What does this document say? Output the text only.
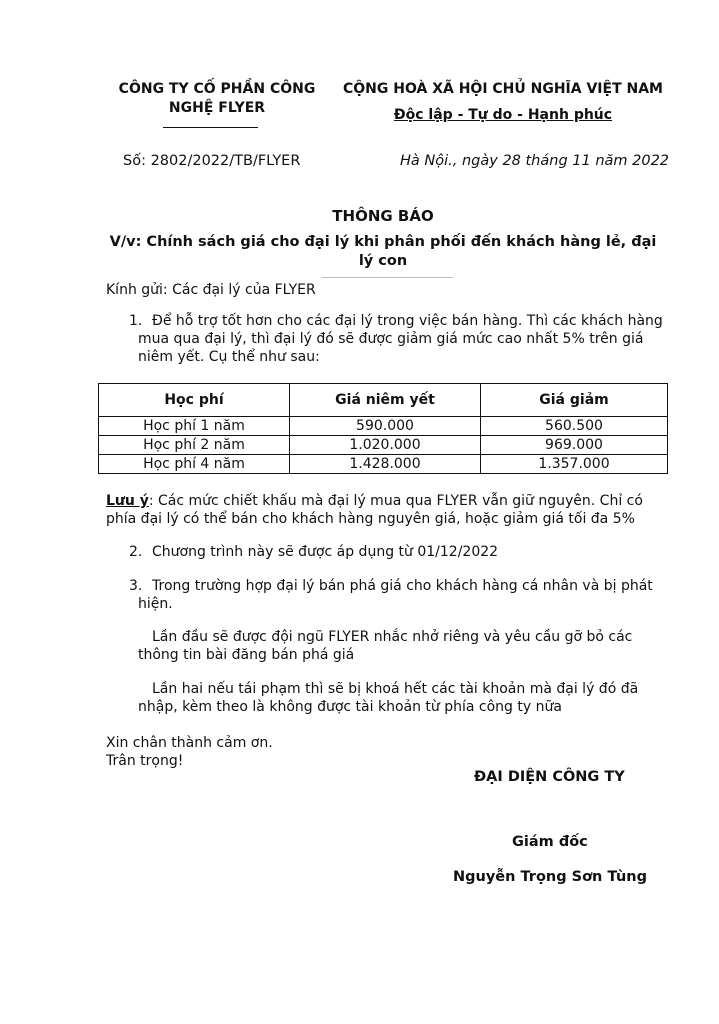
CÔNG TY CỐ PHẦN CÔNG
NGHỆ FLYER
CỘNG HOÀ XÃ HỘI CHỦ NGHĨA VIỆT NAM
Độc lập - Tự do - Hạnh phúc
Số: 2802/2022/TB/FLYER	Hà Nội., ngày 28 tháng 11 năm 2022
THÔNG BÁO
V/v: Chính sách giá cho đại lý khi phân phối đến khách hàng lẻ, đại
lý con
Kính gửi: Các đại lý của FLYER
1. Để hỗ trợ tốt hơn cho các đại lý trong việc bán hàng. Thì các khách hàng
mua qua đại lý, thì đại lý đó sẽ được giảm giá mức cao nhất 5% trên giá
niêm yết. Cụ thể như sau:
Học phí	Giá niêm yết	Giá giảm
Học phí 1 năm	590.000	560.500
Học phí 2 năm	1.020.000	969.000
Học phí 4 năm	1.428.000	1.357.000
Lưu ý: Các mức chiết khấu mà đại lý mua qua FLYER vẫn giữ nguyên. Chỉ có
phía đại lý có thể bán cho khách hàng nguyên giá, hoặc giảm giá tối đa 5%
2. Chương trình này sẽ được áp dụng từ 01/12/2022
3. Trong trường hợp đại lý bán phá giá cho khách hàng cá nhân và bị phát
hiện.
Lần đầu sẽ được đội ngũ FLYER nhắc nhở riêng và yêu cầu gỡ bỏ các
thông tin bài đăng bán phá giá
Lần hai nếu tái phạm thì sẽ bị khoá hết các tài khoản mà đại lý đó đã
nhập, kèm theo là không được tài khoản từ phía công ty nữa
Xin chân thành cảm ơn.
Trân trọng!
ĐẠI DIỆN CÔNG TY
Giám đốc
Nguyễn Trọng Sơn Tùng
